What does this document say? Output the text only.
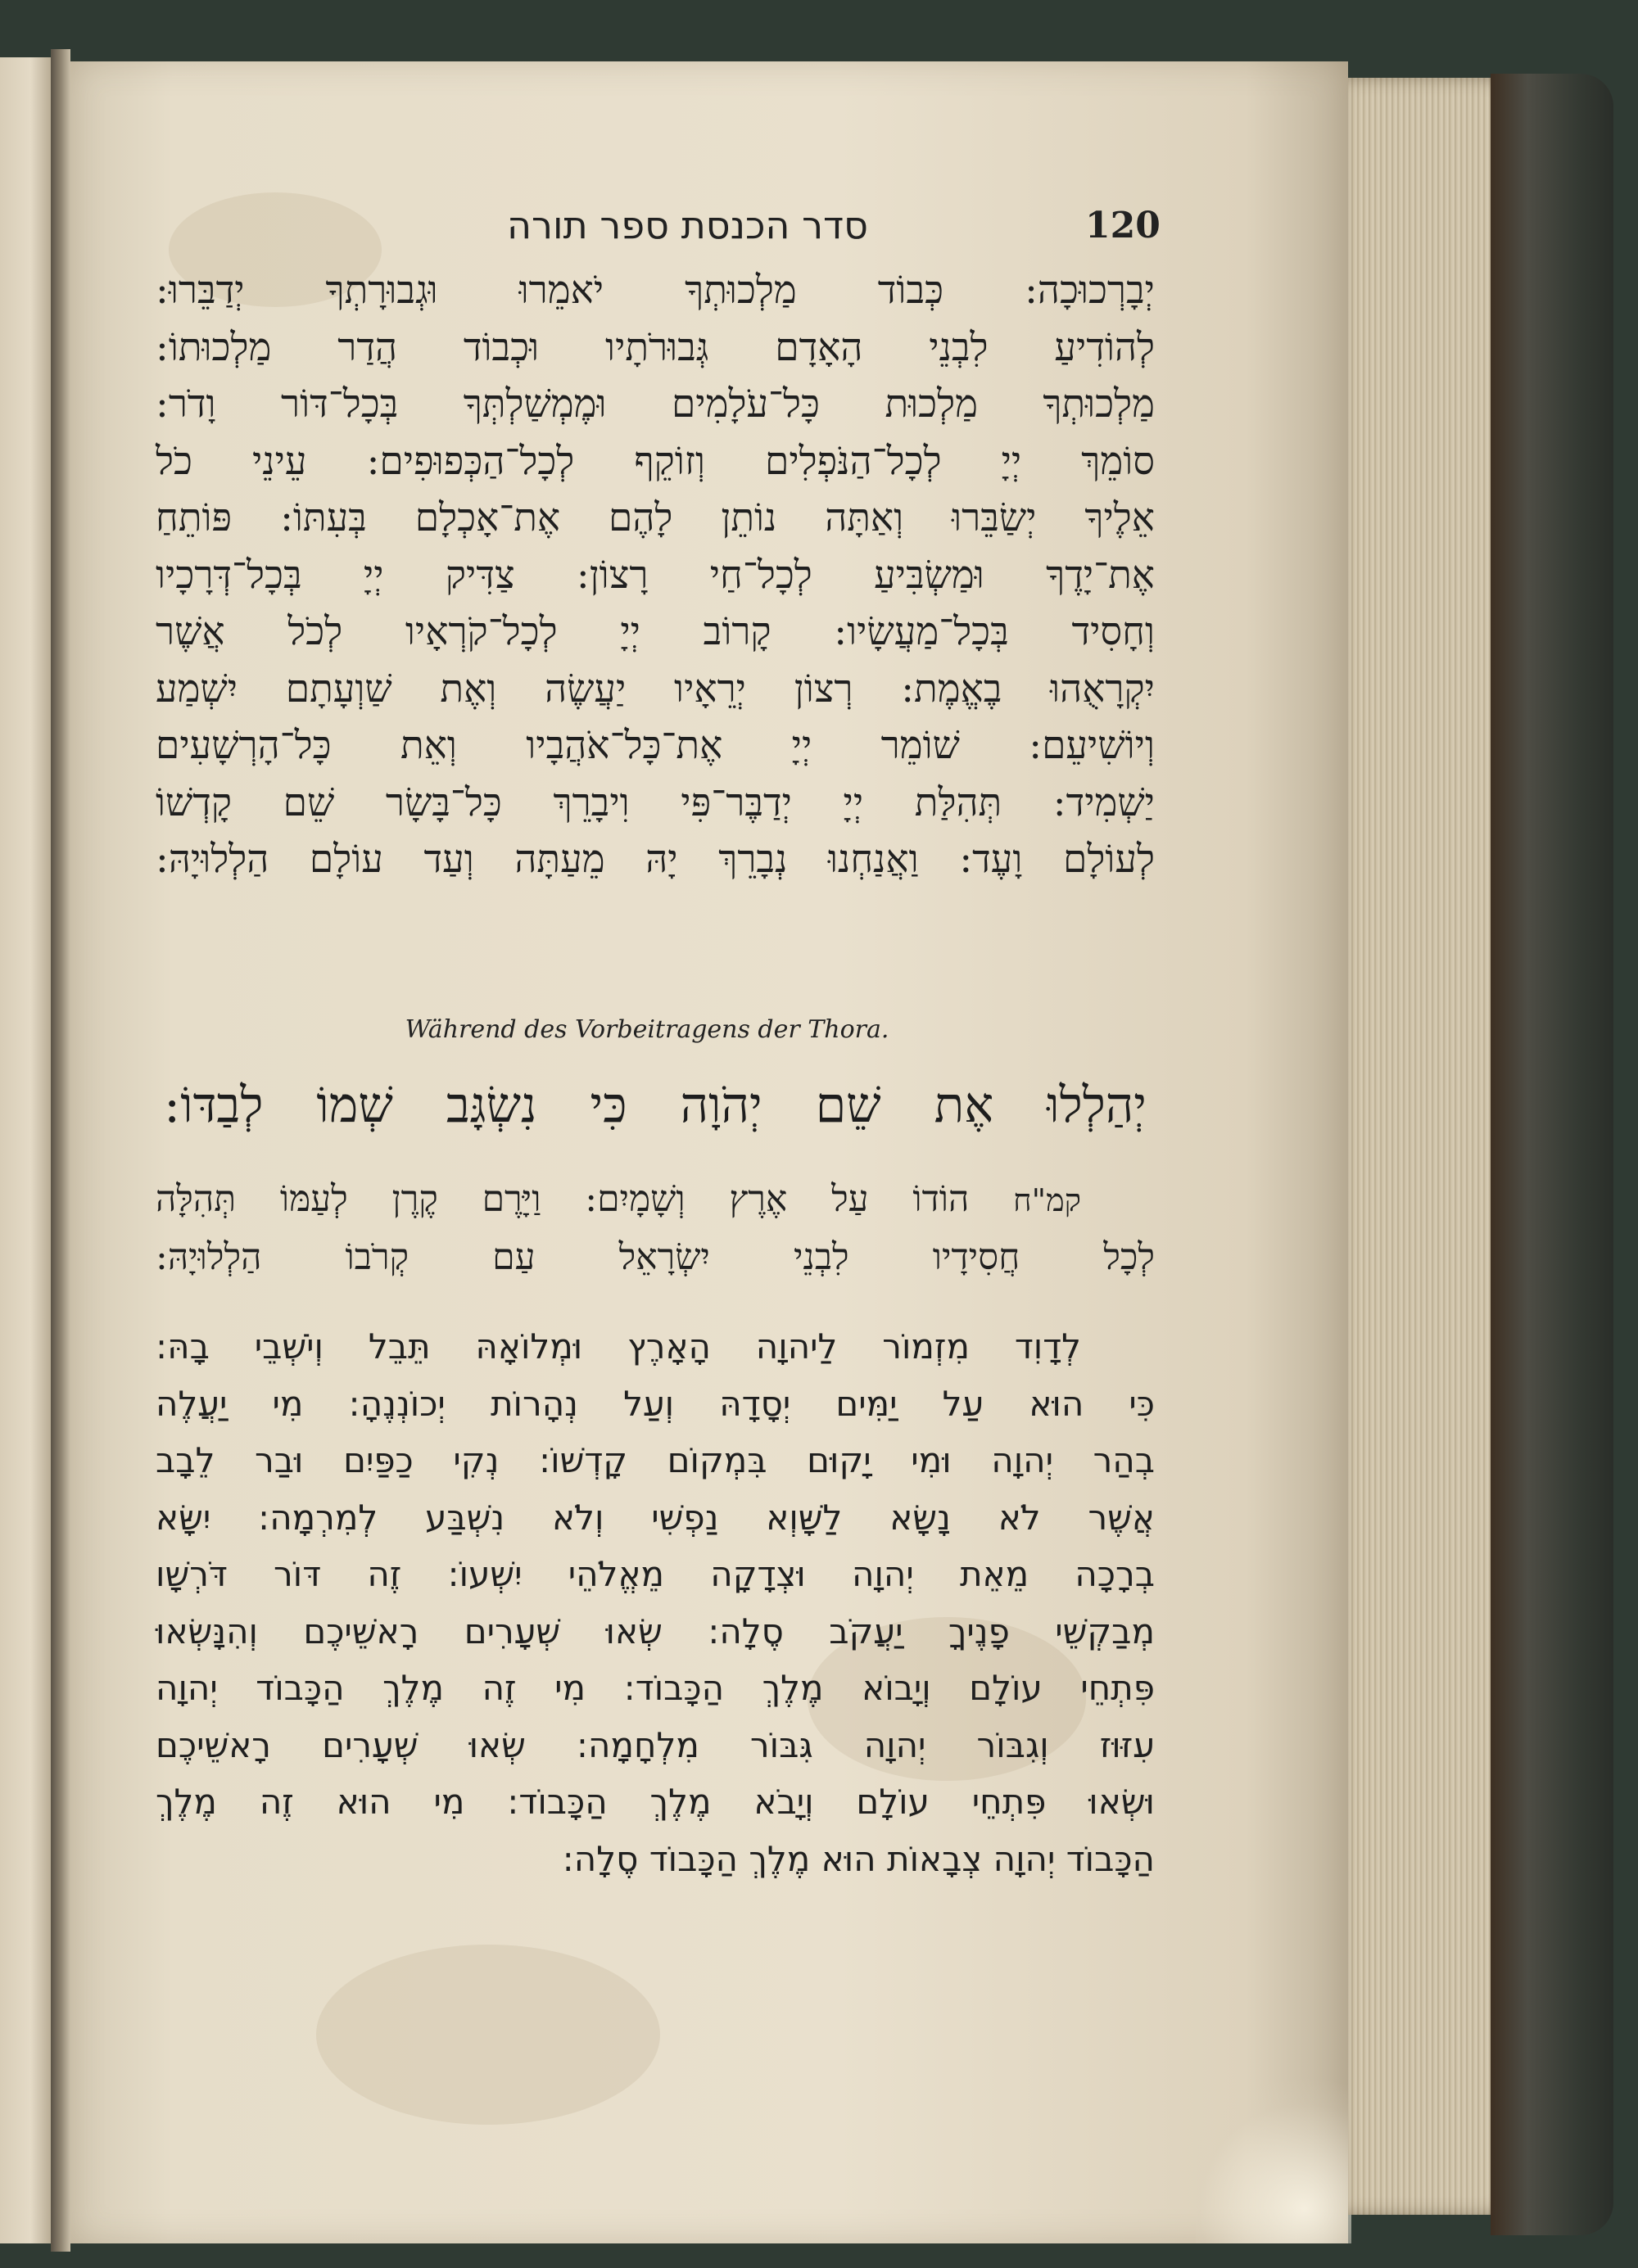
120
סדר הכנסת ספר תורה
יְבָרְכוּכָה: כְּבוֹד מַלְכוּתְךָ יֹאמֵרוּ וּגְבוּרָתְךָ יְדַבֵּרוּ:
לְהוֹדִיעַ לִבְנֵי הָאָדָם גְּבוּרֹתָיו וּכְבוֹד הֲדַר מַלְכוּתוֹ:
מַלְכוּתְךָ מַלְכוּת כָּל־עֹלָמִים וּמֶמְשַׁלְתְּךָ בְּכָל־דּוֹר וָדֹר:
סוֹמֵךְ יְיָ לְכָל־הַנֹּפְלִים וְזוֹקֵף לְכָל־הַכְּפוּפִים: עֵינֵי כֹל
אֵלֶיךָ יְשַׂבֵּרוּ וְאַתָּה נוֹתֵן לָהֶם אֶת־אָכְלָם בְּעִתּוֹ: פּוֹתֵחַ
אֶת־יָדֶךָ וּמַשְׂבִּיעַ לְכָל־חַי רָצוֹן: צַדִּיק יְיָ בְּכָל־דְּרָכָיו
וְחָסִיד בְּכָל־מַעֲשָׂיו: קָרוֹב יְיָ לְכָל־קֹרְאָיו לְכֹל אֲשֶׁר
יִקְרָאֻהוּ בֶאֱמֶת: רְצוֹן יְרֵאָיו יַעֲשֶׂה וְאֶת שַׁוְעָתָם יִשְׁמַע
וְיוֹשִׁיעֵם: שׁוֹמֵר יְיָ אֶת־כָּל־אֹהֲבָיו וְאֵת כָּל־הָרְשָׁעִים
יַשְׁמִיד: תְּהִלַּת יְיָ יְדַבֶּר־פִּי וִיבָרֵךְ כָּל־בָּשָׂר שֵׁם קָדְשׁוֹ
לְעוֹלָם וָעֶד: וַאֲנַחְנוּ נְבָרֵךְ יָהּ מֵעַתָּה וְעַד עוֹלָם הַלְלוּיָהּ:
Während des Vorbeitragens der Thora.
יְהַלְלוּ אֶת שֵׁם יְהֹוָה כִּי נִשְׂגָּב שְׁמוֹ לְבַדּוֹ:
קמ"ח הוֹדוֹ עַל אֶרֶץ וְשָׁמָיִם: וַיָּרֶם קֶרֶן לְעַמּוֹ תְּהִלָּה
לְכָל חֲסִידָיו לִבְנֵי יִשְׂרָאֵל עַם קְרֹבוֹ הַלְלוּיָהּ:
לְדָוִד מִזְמוֹר לַיהוָה הָאָרֶץ וּמְלוֹאָהּ תֵּבֵל וְיֹשְׁבֵי בָהּ:
כִּי הוּא עַל יַמִּים יְסָדָהּ וְעַל נְהָרוֹת יְכוֹנְנֶהָ: מִי יַעֲלֶה
בְהַר יְהוָה וּמִי יָקוּם בִּמְקוֹם קָדְשׁוֹ: נְקִי כַפַּיִם וּבַר לֵבָב
אֲשֶׁר לֹא נָשָׂא לַשָּׁוְא נַפְשִׁי וְלֹא נִשְׁבַּע לְמִרְמָה: יִשָּׂא
בְרָכָה מֵאֵת יְהוָה וּצְדָקָה מֵאֱלֹהֵי יִשְׁעוֹ: זֶה דּוֹר דֹּרְשָׁו
מְבַקְשֵׁי פָנֶיךָ יַעֲקֹב סֶלָה: שְׂאוּ שְׁעָרִים רָאשֵׁיכֶם וְהִנָּשְׂאוּ
פִּתְחֵי עוֹלָם וְיָבוֹא מֶלֶךְ הַכָּבוֹד: מִי זֶה מֶלֶךְ הַכָּבוֹד יְהוָה
עִזּוּז וְגִבּוֹר יְהוָה גִּבּוֹר מִלְחָמָה: שְׂאוּ שְׁעָרִים רָאשֵׁיכֶם
וּשְׂאוּ פִּתְחֵי עוֹלָם וְיָבֹא מֶלֶךְ הַכָּבוֹד: מִי הוּא זֶה מֶלֶךְ
הַכָּבוֹד יְהוָה צְבָאוֹת הוּא מֶלֶךְ הַכָּבוֹד סֶלָה:
